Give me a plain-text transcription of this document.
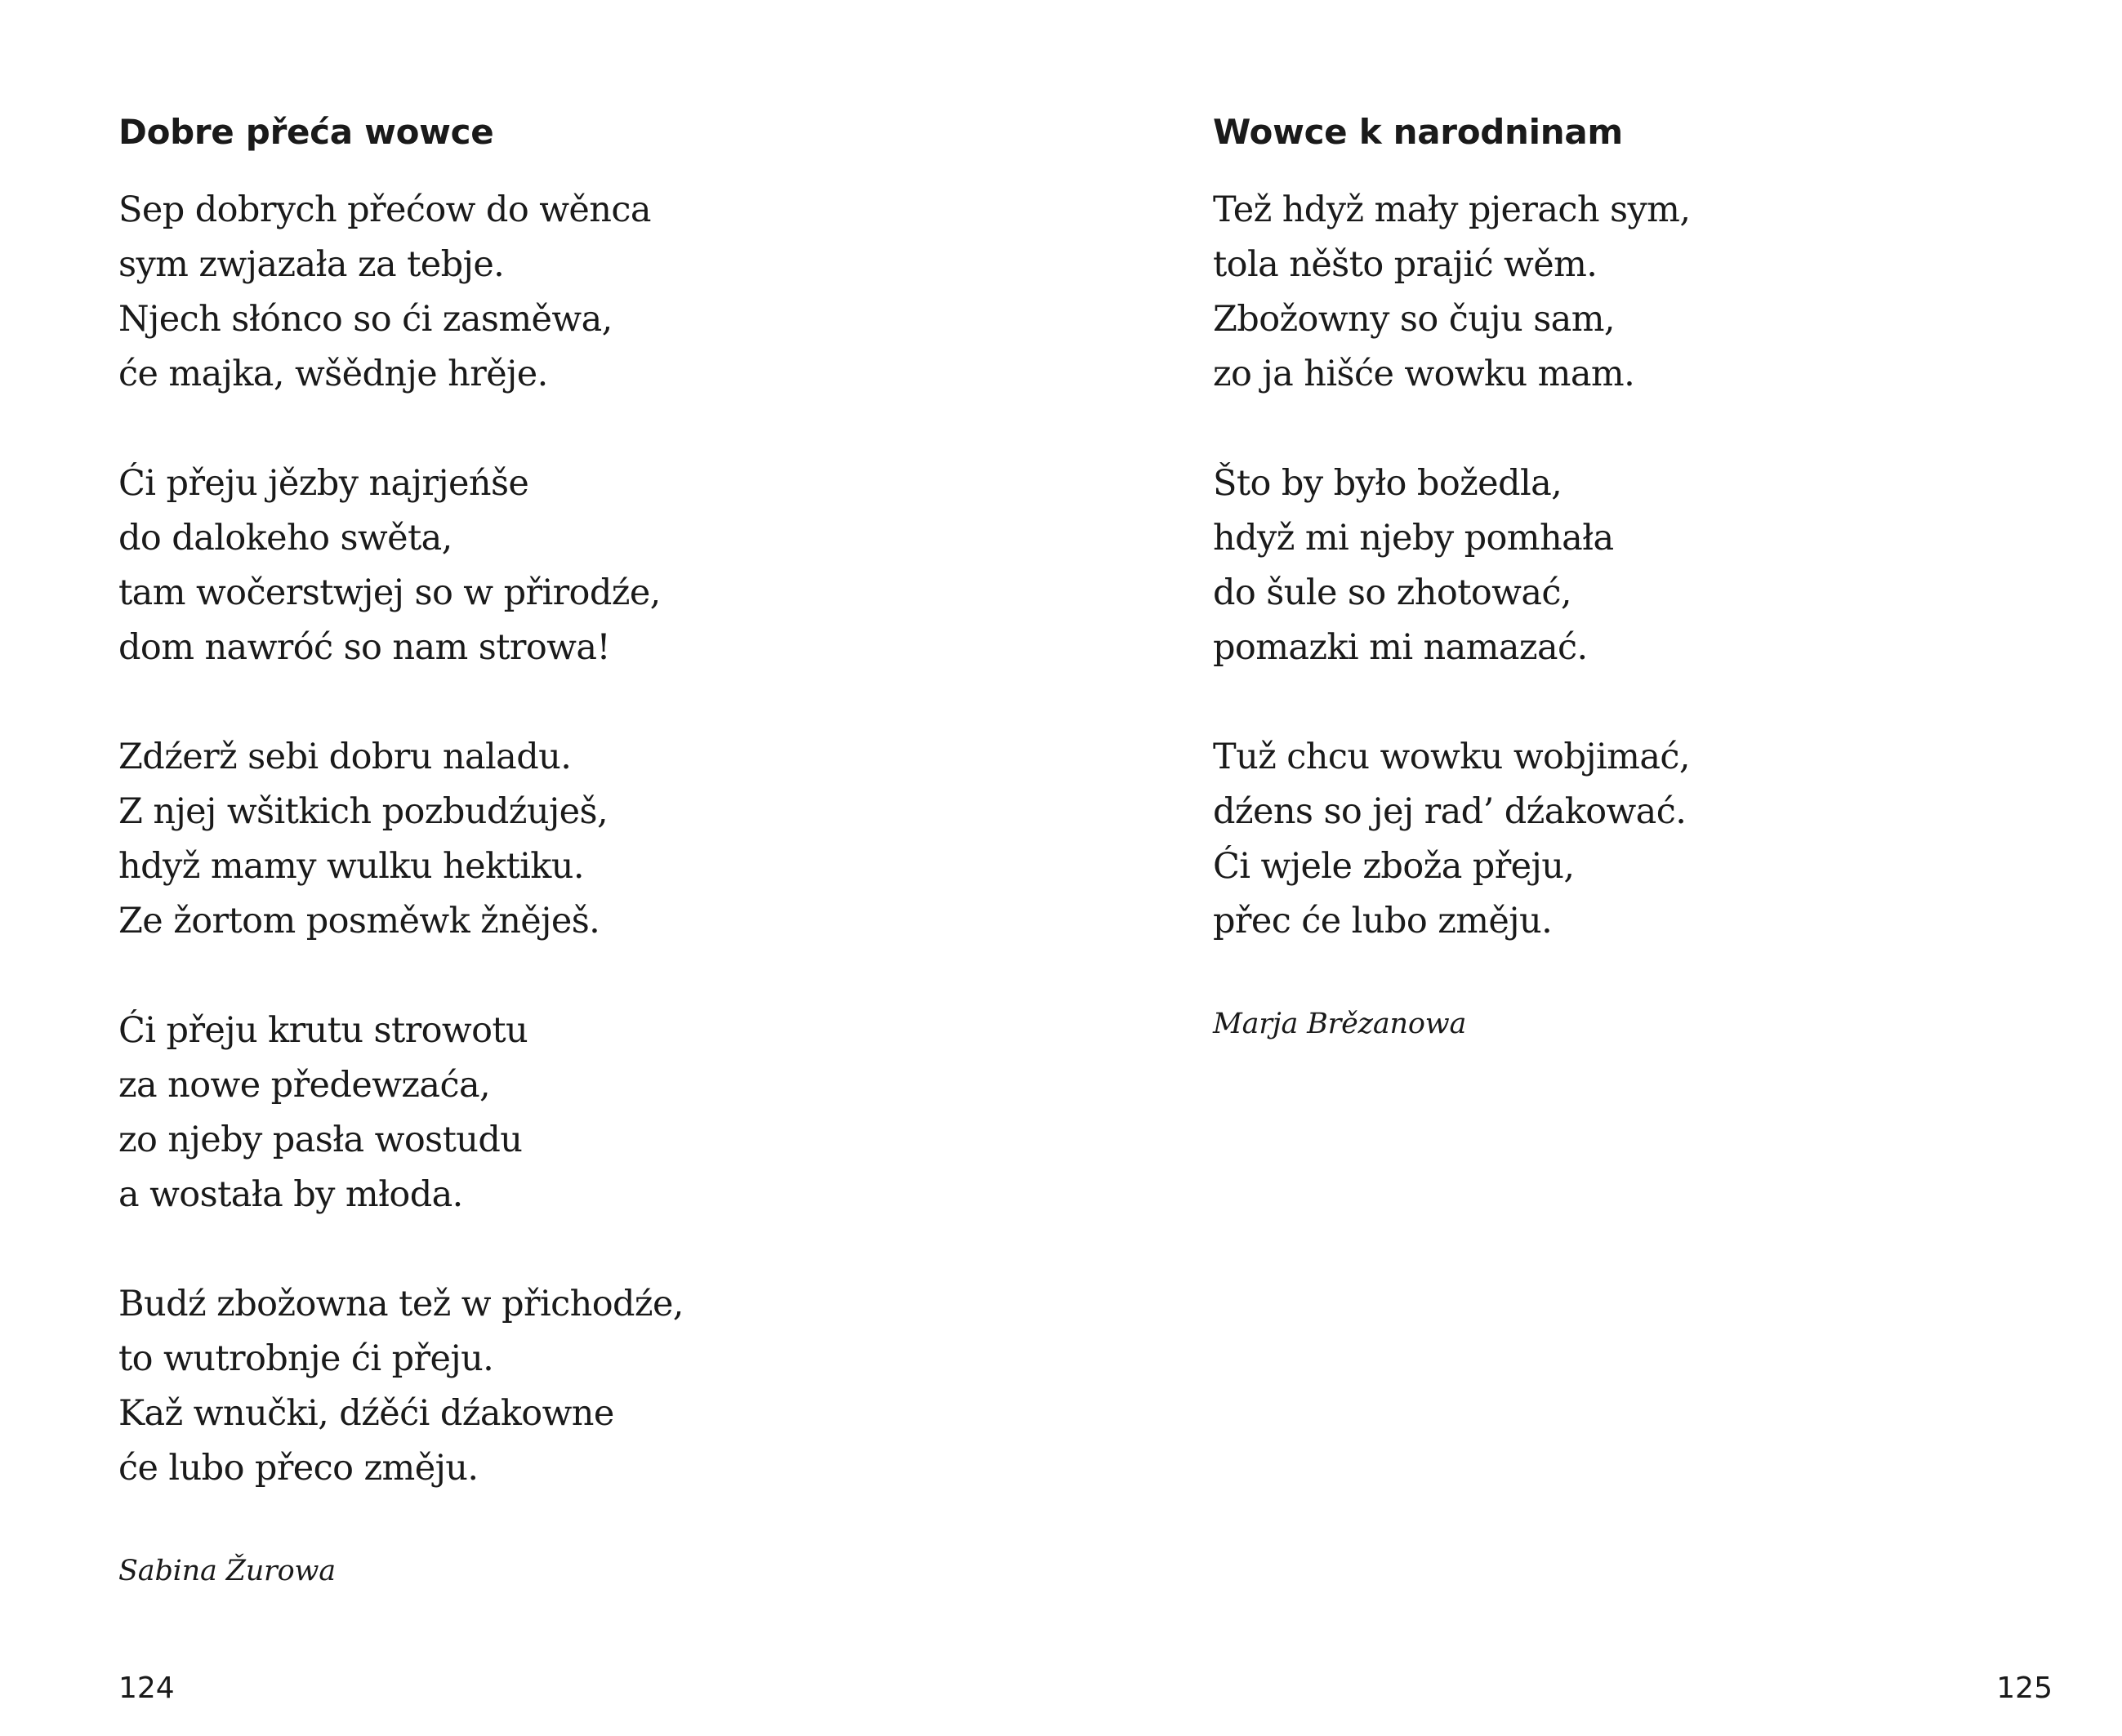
Dobre přeća wowce
Sep dobrych přećow do wěnca
sym zwjazała za tebje.
Njech słónco so ći zasměwa,
će majka, wšědnje hrěje.
Ći přeju jězby najrjeńše
do dalokeho swěta,
tam wočerstwjej so w přirodźe,
dom nawróć so nam strowa!
Zdźerž sebi dobru naladu.
Z njej wšitkich pozbudźuješ,
hdyž mamy wulku hektiku.
Ze žortom posměwk žněješ.
Ći přeju krutu strowotu
za nowe předewzaća,
zo njeby pasła wostudu
a wostała by młoda.
Budź zbožowna tež w přichodźe,
to wutrobnje ći přeju.
Kaž wnučki, dźěći dźakowne
će lubo přeco změju.
Sabina Žurowa
124
Wowce k narodninam
Tež hdyž mały pjerach sym,
tola něšto prajić wěm.
Zbožowny so čuju sam,
zo ja hišće wowku mam.
Što by było božedla,
hdyž mi njeby pomhała
do šule so zhotować,
pomazki mi namazać.
Tuž chcu wowku wobjimać,
dźens so jej rad’ dźakować.
Ći wjele zboža přeju,
přec će lubo změju.
Marja Brězanowa
125
